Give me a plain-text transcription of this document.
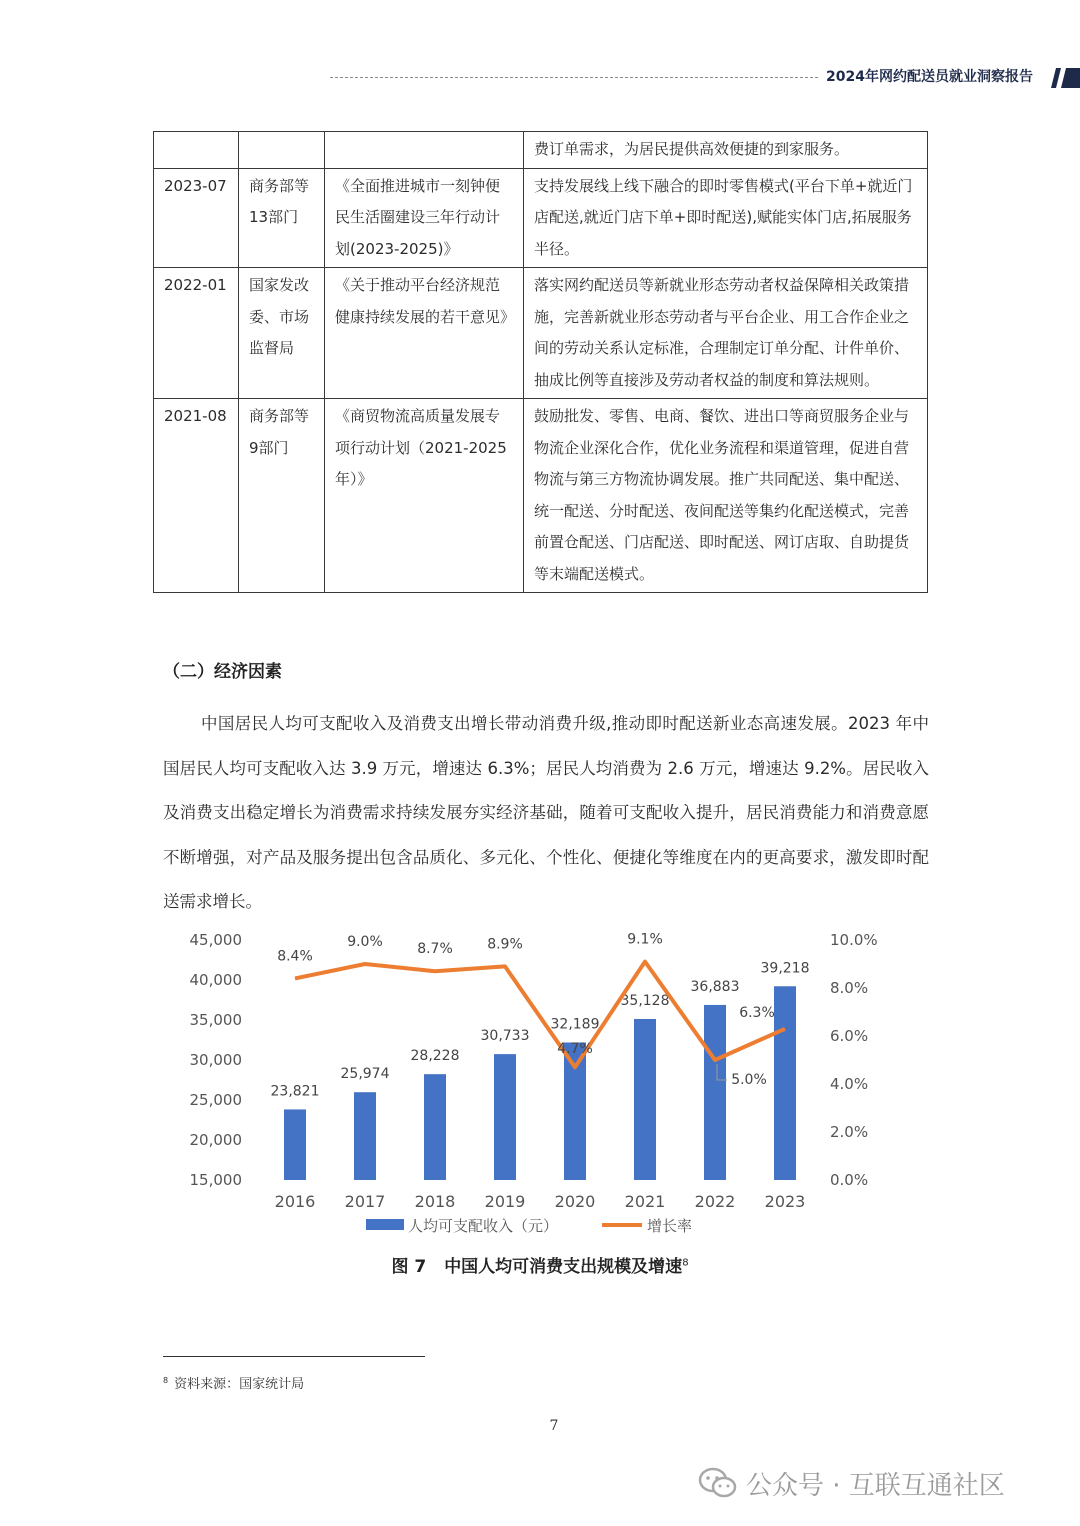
2024年网约配送员就业洞察报告
			费订单需求，为居民提供高效便捷的到家服务。
2023-07	商务部等13部门	《全面推进城市一刻钟便民生活圈建设三年行动计划(2023-2025)》	支持发展线上线下融合的即时零售模式(平台下单+就近门店配送,就近门店下单+即时配送),赋能实体门店,拓展服务半径。
2022-01	国家发改委、市场监督局	《关于推动平台经济规范健康持续发展的若干意见》	落实网约配送员等新就业形态劳动者权益保障相关政策措施，完善新就业形态劳动者与平台企业、用工合作企业之间的劳动关系认定标准，合理制定订单分配、计件单价、抽成比例等直接涉及劳动者权益的制度和算法规则。
2021-08	商务部等9部门	《商贸物流高质量发展专项行动计划（2021-2025年）》	鼓励批发、零售、电商、餐饮、进出口等商贸服务企业与物流企业深化合作，优化业务流程和渠道管理，促进自营物流与第三方物流协调发展。推广共同配送、集中配送、统一配送、分时配送、夜间配送等集约化配送模式，完善前置仓配送、门店配送、即时配送、网订店取、自助提货等末端配送模式。
（二）经济因素
中国居民人均可支配收入及消费支出增长带动消费升级,推动即时配送新业态高速发展。2023 年中国居民人均可支配收入达 3.9 万元，增速达 6.3%；居民人均消费为 2.6 万元，增速达 9.2%。居民收入及消费支出稳定增长为消费需求持续发展夯实经济基础，随着可支配收入提升，居民消费能力和消费意愿不断增强，对产品及服务提出包含品质化、多元化、个性化、便捷化等维度在内的更高要求，激发即时配送需求增长。
15,000
20,000
25,000
30,000
35,000
40,000
45,000
0.0%
2.0%
4.0%
6.0%
8.0%
10.0%
23,821
25,974
28,228
30,733
32,189
35,128
36,883
39,218
8.4%
9.0% 8.7% 8.9%
4.7%
9.1%
5.0%
6.3%
2016 2017 2018 2019 2020 2021 2022 2023
人均可支配收入（元）	增长率
图 7 中国人均可消费支出规模及增速$^8$
$^8$ 资料来源：国家统计局
7
公众号 · 互联互通社区
